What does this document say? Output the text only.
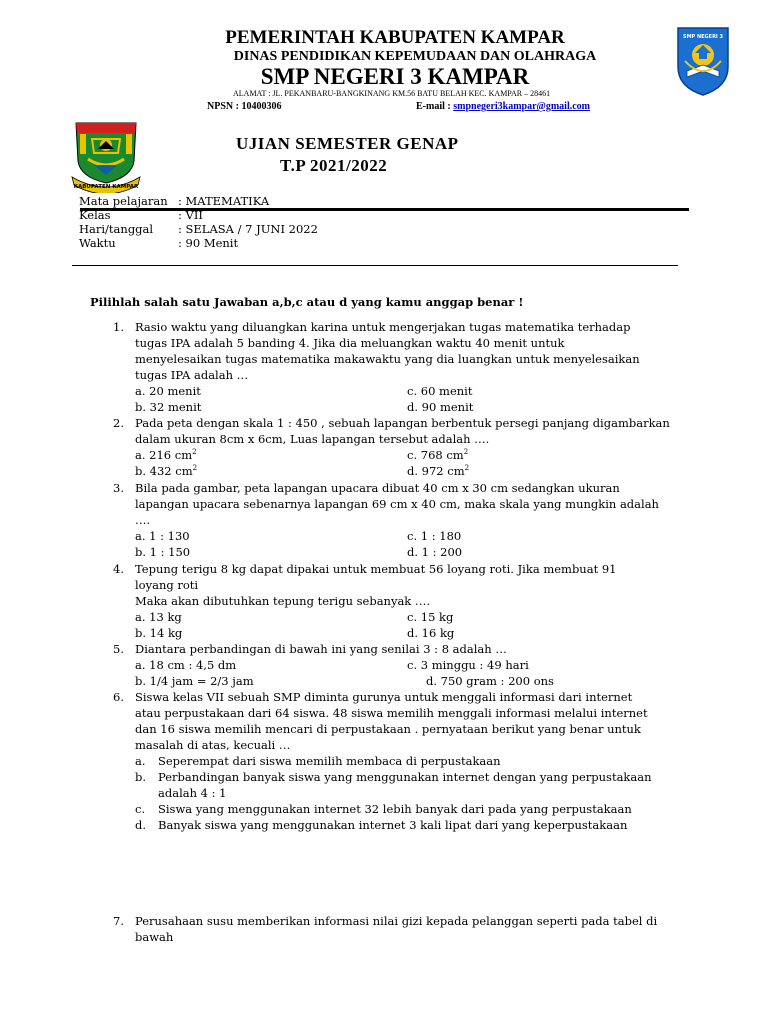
KABUPATEN KAMPAR
SMP NEGERI 3
PEMERINTAH KABUPATEN KAMPAR
DINAS PENDIDIKAN KEPEMUDAAN DAN OLAHRAGA
SMP NEGERI 3 KAMPAR
ALAMAT : JL. PEKANBARU-BANGKINANG KM.56 BATU BELAH KEC. KAMPAR – 28461
NPSN : 10400306	E-mail : smpnegeri3kampar@gmail.com
UJIAN SEMESTER GENAP
T.P 2021/2022
Mata pelajaran : MATEMATIKA
Kelas	: VII
Hari/tanggal : SELASA / 7 JUNI 2022
Waktu	: 90 Menit
Pilihlah salah satu Jawaban a,b,c atau d yang kamu anggap benar !
1. Rasio waktu yang diluangkan karina untuk mengerjakan tugas matematika terhadap
tugas IPA adalah 5 banding 4. Jika dia meluangkan waktu 40 menit untuk
menyelesaikan tugas matematika makawaktu yang dia luangkan untuk menyelesaikan
tugas IPA adalah …
a. 20 menit	c. 60 menit
b. 32 menit	d. 90 menit
2. Pada peta dengan skala 1 : 450 , sebuah lapangan berbentuk persegi panjang digambarkan
dalam ukuran 8cm x 6cm, Luas lapangan tersebut adalah ….
a. 216 $cm^2$	c. 768 $cm^2$
b. 432 $cm^2$	d. 972 $cm^2$
3. Bila pada gambar, peta lapangan upacara dibuat 40 cm x 30 cm sedangkan ukuran
lapangan upacara sebenarnya lapangan 69 cm x 40 cm, maka skala yang mungkin adalah
….
a. 1 : 130	c. 1 : 180
b. 1 : 150	d. 1 : 200
4. Tepung terigu 8 kg dapat dipakai untuk membuat 56 loyang roti. Jika membuat 91
loyang roti
Maka akan dibutuhkan tepung terigu sebanyak ….
a. 13 kg	c. 15 kg
b. 14 kg	d. 16 kg
5. Diantara perbandingan di bawah ini yang senilai 3 : 8 adalah …
a. 18 cm : 4,5 dm	c. 3 minggu : 49 hari
b. 1/4 jam = 2/3 jam	d. 750 gram : 200 ons
6. Siswa kelas VII sebuah SMP diminta gurunya untuk menggali informasi dari internet
atau perpustakaan dari 64 siswa. 48 siswa memilih menggali informasi melalui internet
dan 16 siswa memilih mencari di perpustakaan . pernyataan berikut yang benar untuk
masalah di atas, kecuali …
a. Seperempat dari siswa memilih membaca di perpustakaan
b. Perbandingan banyak siswa yang menggunakan internet dengan yang perpustakaan
adalah 4 : 1
c. Siswa yang menggunakan internet 32 lebih banyak dari pada yang perpustakaan
d. Banyak siswa yang menggunakan internet 3 kali lipat dari yang keperpustakaan
7. Perusahaan susu memberikan informasi nilai gizi kepada pelanggan seperti pada tabel di
bawah
